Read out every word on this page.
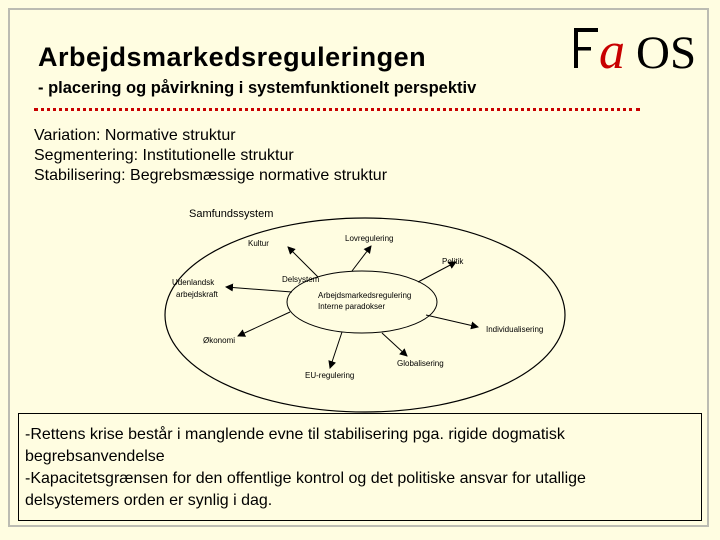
Arbejdsmarkedsreguleringen
- placering og påvirkning i systemfunktionelt perspektiv
a OS
Variation: Normative struktur
Segmentering: Institutionelle struktur
Stabilisering: Begrebsmæssige normative struktur
Samfundssystem
Kultur
Lovregulering
Politik
Udenlandsk
arbejdskraft
Delsystem
Arbejdsmarkedsregulering
Interne paradokser
Individualisering
Økonomi
Globalisering
EU-regulering
-Rettens krise består i manglende evne til stabilisering pga. rigide dogmatisk
begrebsanvendelse
-Kapacitetsgrænsen for den offentlige kontrol og det politiske ansvar for utallige
delsystemers orden er synlig i dag.
